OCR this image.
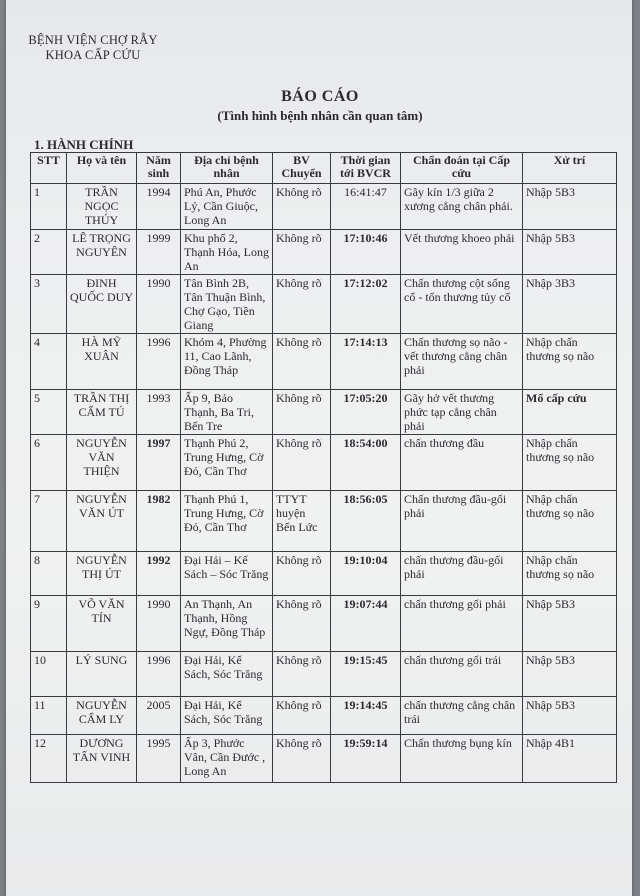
BỆNH VIỆN CHỢ RẪY
KHOA CẤP CỨU
BÁO CÁO
(Tình hình bệnh nhân cần quan tâm)
1. HÀNH CHÍNH
STT	Họ và tên	Năm sinh	Địa chỉ bệnh nhân	BV Chuyển	Thời gian tới BVCR	Chẩn đoán tại Cấp cứu	Xử trí
1	TRẦN NGỌC THÚY	1994	Phú An, Phước Lý, Cần Giuộc, Long An	Không rõ	16:41:47	Gãy kín 1/3 giữa 2 xương cẳng chân phải.	Nhập 5B3
2	LÊ TRỌNG NGUYÊN	1999	Khu phố 2, Thạnh Hóa, Long An	Không rõ	17:10:46	Vết thương khoeo phải	Nhập 5B3
3	ĐINH QUỐC DUY	1990	Tân Bình 2B, Tân Thuận Bình, Chợ Gạo, Tiền Giang	Không rõ	17:12:02	Chấn thương cột sống cổ - tổn thương tủy cổ	Nhập 3B3
4	HÀ MỸ XUÂN	1996	Khóm 4, Phường 11, Cao Lãnh, Đồng Tháp	Không rõ	17:14:13	Chấn thương sọ não - vết thương cẳng chân phải	Nhập chấn thương sọ não
5	TRẦN THỊ CẨM TÚ	1993	Ấp 9, Bảo Thạnh, Ba Tri, Bến Tre	Không rõ	17:05:20	Gãy hở vết thương phức tạp cẳng chân phải	Mổ cấp cứu
6	NGUYỄN VĂN THIỆN	1997	Thạnh Phú 2, Trung Hưng, Cờ Đỏ, Cần Thơ	Không rõ	18:54:00	chấn thương đầu	Nhập chấn thương sọ não
7	NGUYỄN VĂN ÚT	1982	Thạnh Phú 1, Trung Hưng, Cờ Đỏ, Cần Thơ	TTYT huyện Bến Lức	18:56:05	Chấn thương đầu-gối phải	Nhập chấn thương sọ não
8	NGUYỄN THỊ ÚT	1992	Đại Hải – Kế Sách – Sóc Trăng	Không rõ	19:10:04	chấn thương đầu-gối phải	Nhập chấn thương sọ não
9	VÕ VĂN TÍN	1990	An Thạnh, An Thạnh, Hồng Ngự, Đồng Tháp	Không rõ	19:07:44	chấn thương gối phải	Nhập 5B3
10	LÝ SUNG	1996	Đại Hải, Kế Sách, Sóc Trăng	Không rõ	19:15:45	chấn thương gối trái	Nhập 5B3
11	NGUYỄN CẨM LY	2005	Đại Hải, Kế Sách, Sóc Trăng	Không rõ	19:14:45	chấn thương cẳng chân trái	Nhập 5B3
12	DƯƠNG TẤN VINH	1995	Ấp 3, Phước Vân, Cần Đước , Long An	Không rõ	19:59:14	Chấn thương bụng kín	Nhập 4B1
